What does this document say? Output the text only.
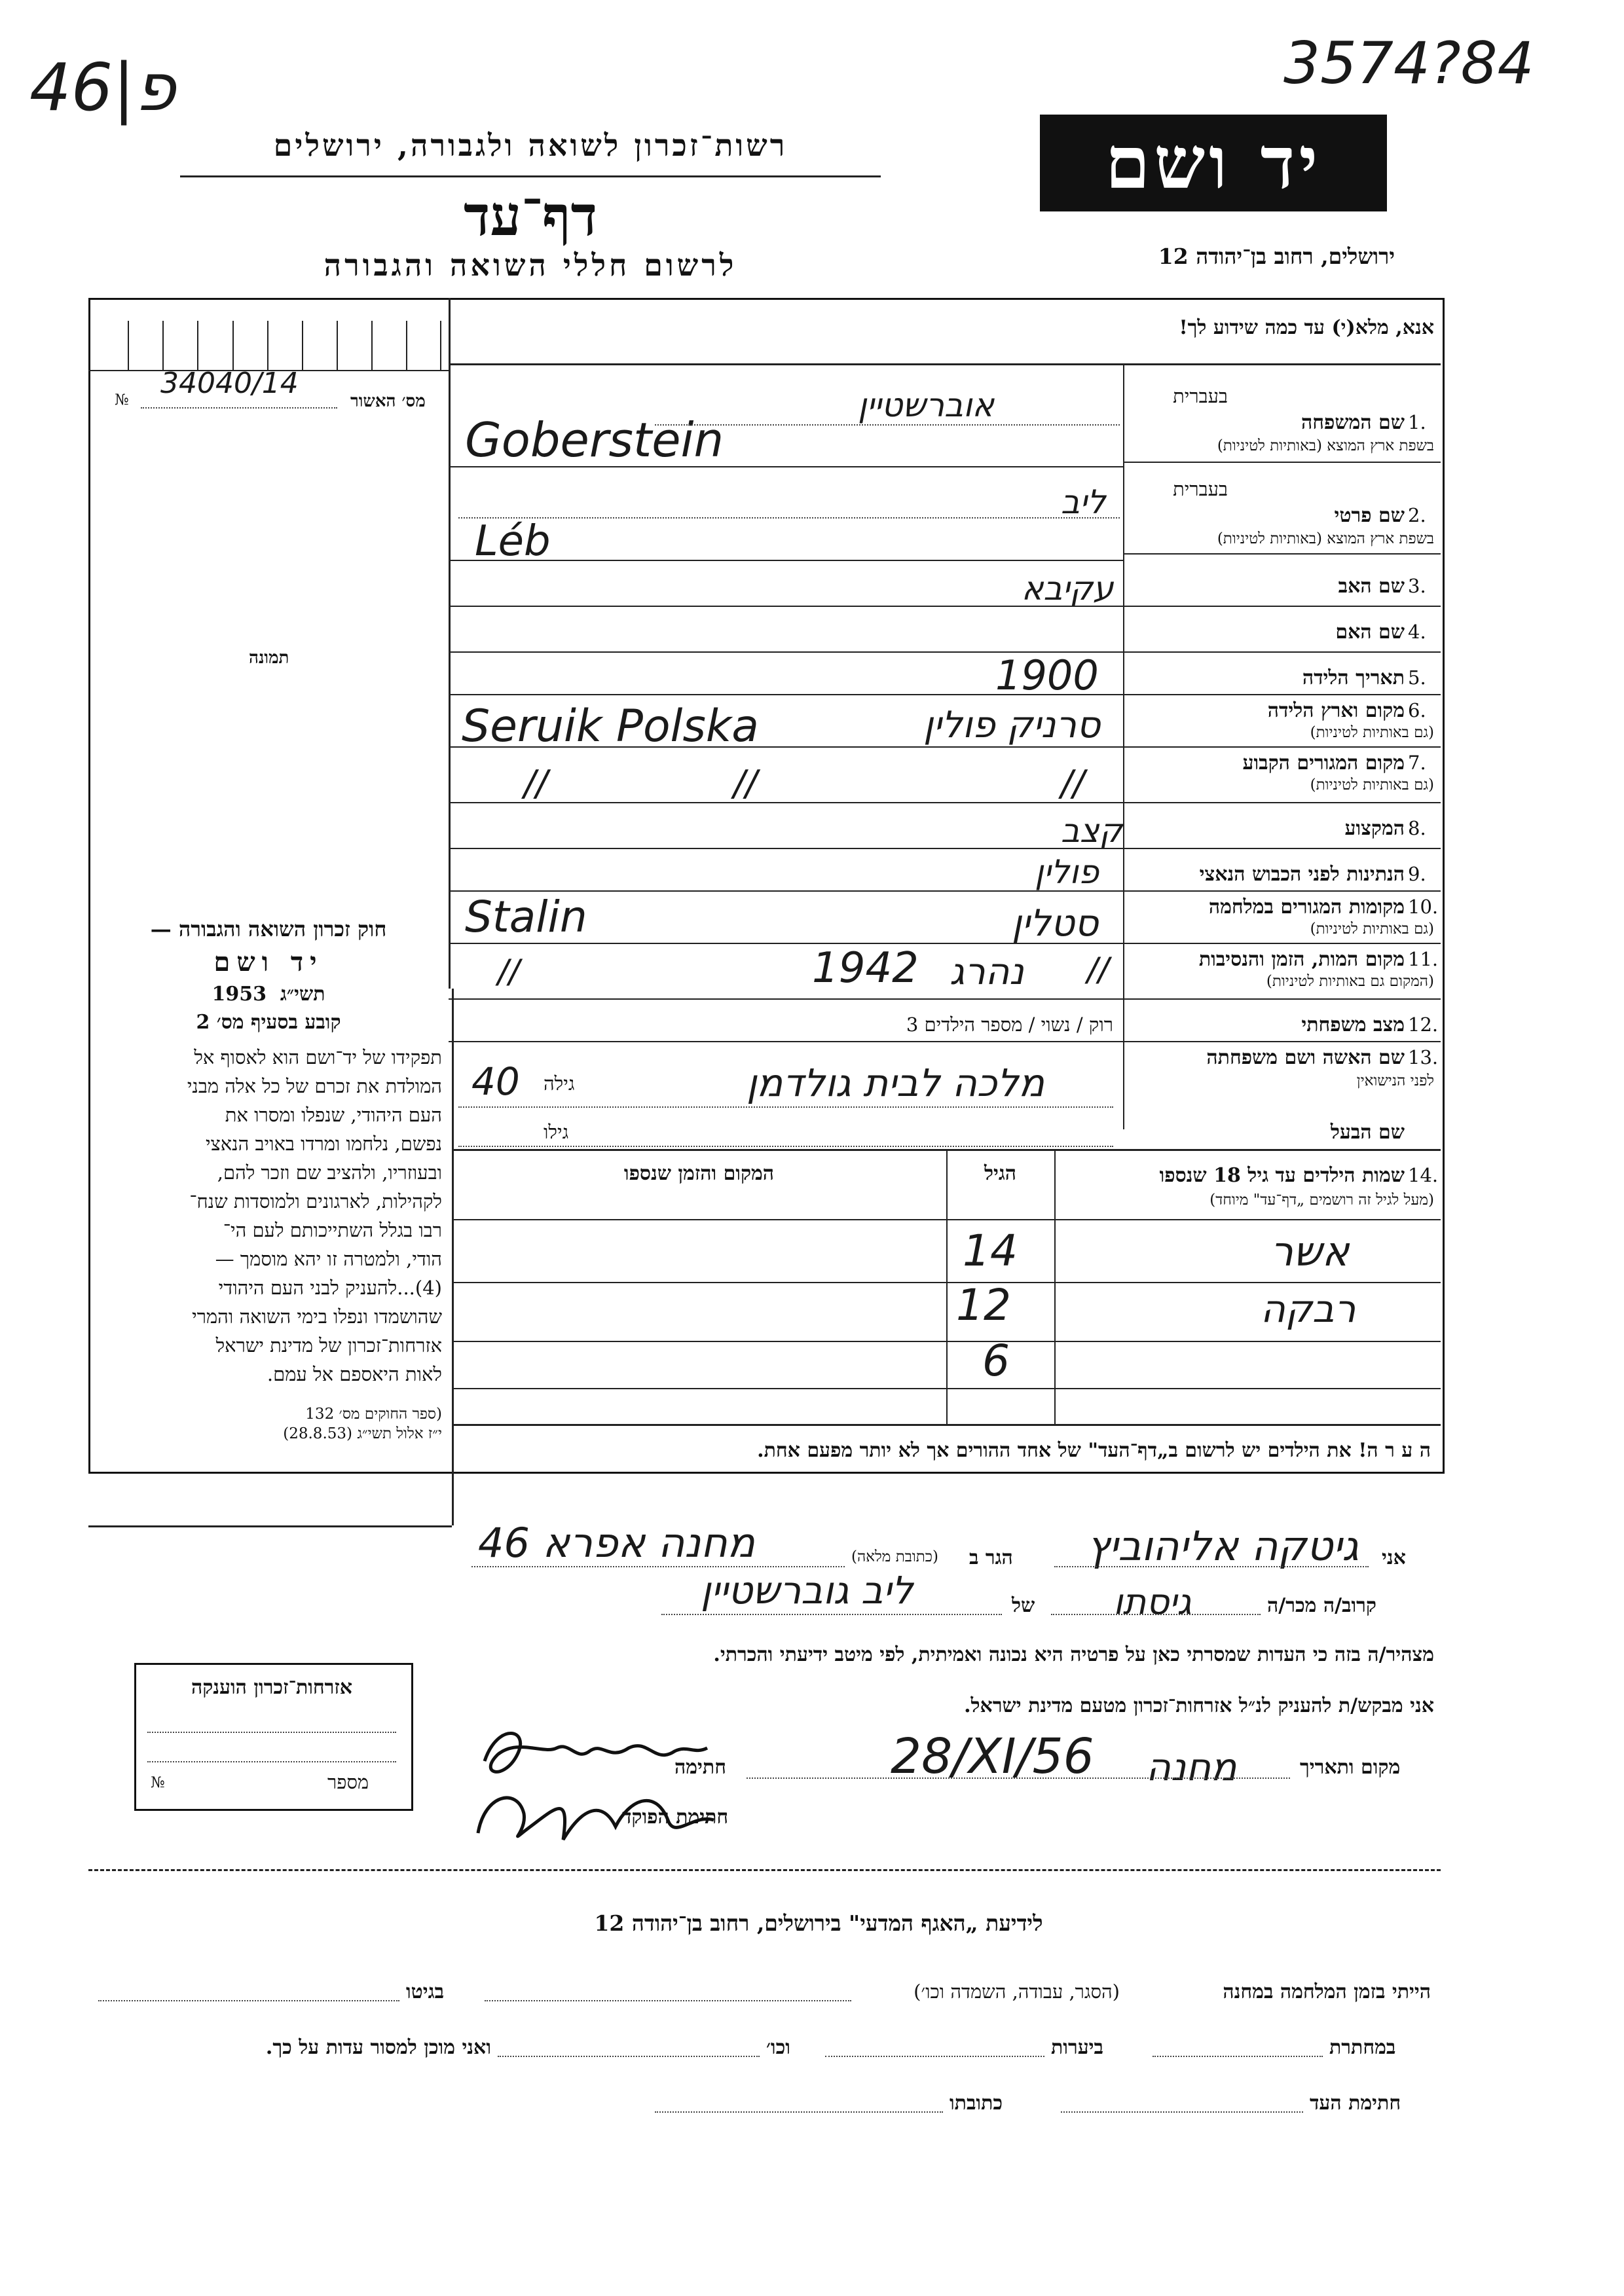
46|פ	3574?84
רשות־זכרון לשואה ולגבורה, ירושלים
דף־עד
לרשום חללי השואה והגבורה
יד ושם
ירושלים, רחוב בן־יהודה 12
אנא, מלא(י) עד כמה שידוע לך!
№	מס׳ האשור
34040/14
תמונה

חוק זכרון השואה והגבורה —

יד ושם

תשי״ג  1953

קובע בסעיף מס׳ 2

תפקידו של יד־ושם הוא לאסוף אל

המולדת את זכרם של כל אלה מבני

העם היהודי, שנפלו ומסרו את

נפשם, נלחמו ומרדו באויב הנאצי

ובעוזריו, ולהציב שם וזכר להם,

לקהילות, לארגונים ולמוסדות שנח־

רבו בגלל השתייכותם לעם הי־

הודי, ולמטרה זו יהא מוסמך —

(4)...להעניק לבני העם היהודי

שהושמדו ונפלו בימי השואה והמרי

אזרחות־זכרון של מדינת ישראל

לאות היאספם אל עמם.

(ספר החוקים מס׳ 132

י״ז אלול תשי״ג (28.8.53)

בעברית
1.
שם המשפחה
בשפת ארץ המוצא (באותיות לטיניות)
אוברשטיין
Goberstein
בעברית
2.
שם פרטי
בשפת ארץ המוצא (באותיות לטיניות)
ליב
Léb
3.
שם האב
עקיבא
4.
שם האם
5.
תאריך הלידה
1900
6.
מקום וארץ הלידה
(גם באותיות לטיניות)
סרניק פולין
Seruik Polska
7.
מקום המגורים הקבוע
(גם באותיות לטיניות)
//
//
//
8.
המקצוע
קצב
9.
הנתינות לפני הכבוש הנאצי
פולין
10.
מקומות המגורים במלחמה
(גם באותיות לטיניות)
סטלין
Stalin
11.
מקום המות, הזמן והנסיבות
(המקום גם באותיות לטיניות)
//
נהרג
1942
//
12.
מצב משפחתי
רוק / נשוי / מספר הילדים 3
13.
שם האשה ושם משפחתה
לפני הנישואין
מלכה לבית גולדמן
גילה
40
שם הבעל
גילו
14.
שמות הילדים עד גיל 18 שנספו
(מעל לגיל זה רושמים „דף־עד" מיוחד)
הגיל
המקום והזמן שנספו
אשר
14
רבקה
12
6
ה ע ר ה! את הילדים יש לרשום ב„דף־העד" של אחד ההורים אך לא יותר מפעם אחת.
אני
גיטקה אליהוביץ
הגר ב
(כתובת מלאה)
מחנה אפרא 46
קרוב/ה מכר/ה
גיסתו
של
ליב גוברשטיין
מצהיר/ה בזה כי העדות שמסרתי כאן על פרטיה היא נכונה ואמיתית, לפי מיטב ידיעתי והכרתי.
אני מבקש/ת להעניק לנ״ל אזרחות־זכרון מטעם מדינת ישראל.
מקום ותאריך
מחנה
28/XI/56
חתימה
חתימת הפוקד
אזרחות־זכרון הוענקה
מספר
№
לידיעת „האגף המדעי" בירושלים, רחוב בן־יהודה 12
הייתי בזמן המלחמה במחנה
(הסגר, עבודה, השמדה וכו׳)
בגיטו
במחתרת
ביערות
וכו׳
ואני מוכן למסור עדות על כך.
חתימת העד
כתובתו
